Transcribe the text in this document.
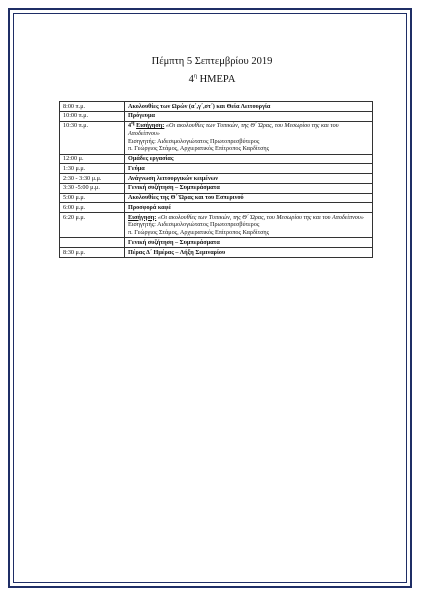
Πέμπτη 5 Σεπτεμβρίου 2019
$4^\eta$ ΗΜΕΡΑ
8:00 π.μ.	Ακολουθίες των Ωρών (α΄,γ΄,στ΄) και Θεία Λειτουργία
10:00 π.μ.	Πρόγευμα
10:30 π.μ.	$4^\eta$ Εισήγηση: «Οι ακολουθίες των Τυπικών, της Θ΄ Ώρας, του Μεσωρίου της και του Αποδείπνου»
Εισηγητής: Αιδεσιμολογιώτατος Πρωτοπρεσβύτερος
π. Γεώργιος Στάμος, Αρχιερατικός Επίτροπος Καρδίτσης
12:00 μ.	Ομάδες εργασίας
1:30 μ.μ.	Γεύμα
2:30 - 3:30 μ.μ.	Ανάγνωση λειτουργικών κειμένων
3:30 -5:00 μ.μ.	Γενική συζήτηση – Συμπεράσματα
5:00 μ.μ.	Ακολουθίες της Θ΄ Ώρας και του Εσπερινού
6:00 μ.μ.	Προσφορά καφέ
6:20 μ.μ.	Εισήγηση: «Οι ακολουθίες των Τυπικών, της Θ΄ Ώρας, του Μεσωρίου της και του Αποδείπνου»
Εισηγητής: Αιδεσιμολογιώτατος Πρωτοπρεσβύτερος
π. Γεώργιος Στάμος, Αρχιερατικός Επίτροπος Καρδίτσης
	Γενική συζήτηση – Συμπεράσματα
8:30 μ.μ.	Πέρας Δ΄ Ημέρας – Λήξη Σεμιναρίου
